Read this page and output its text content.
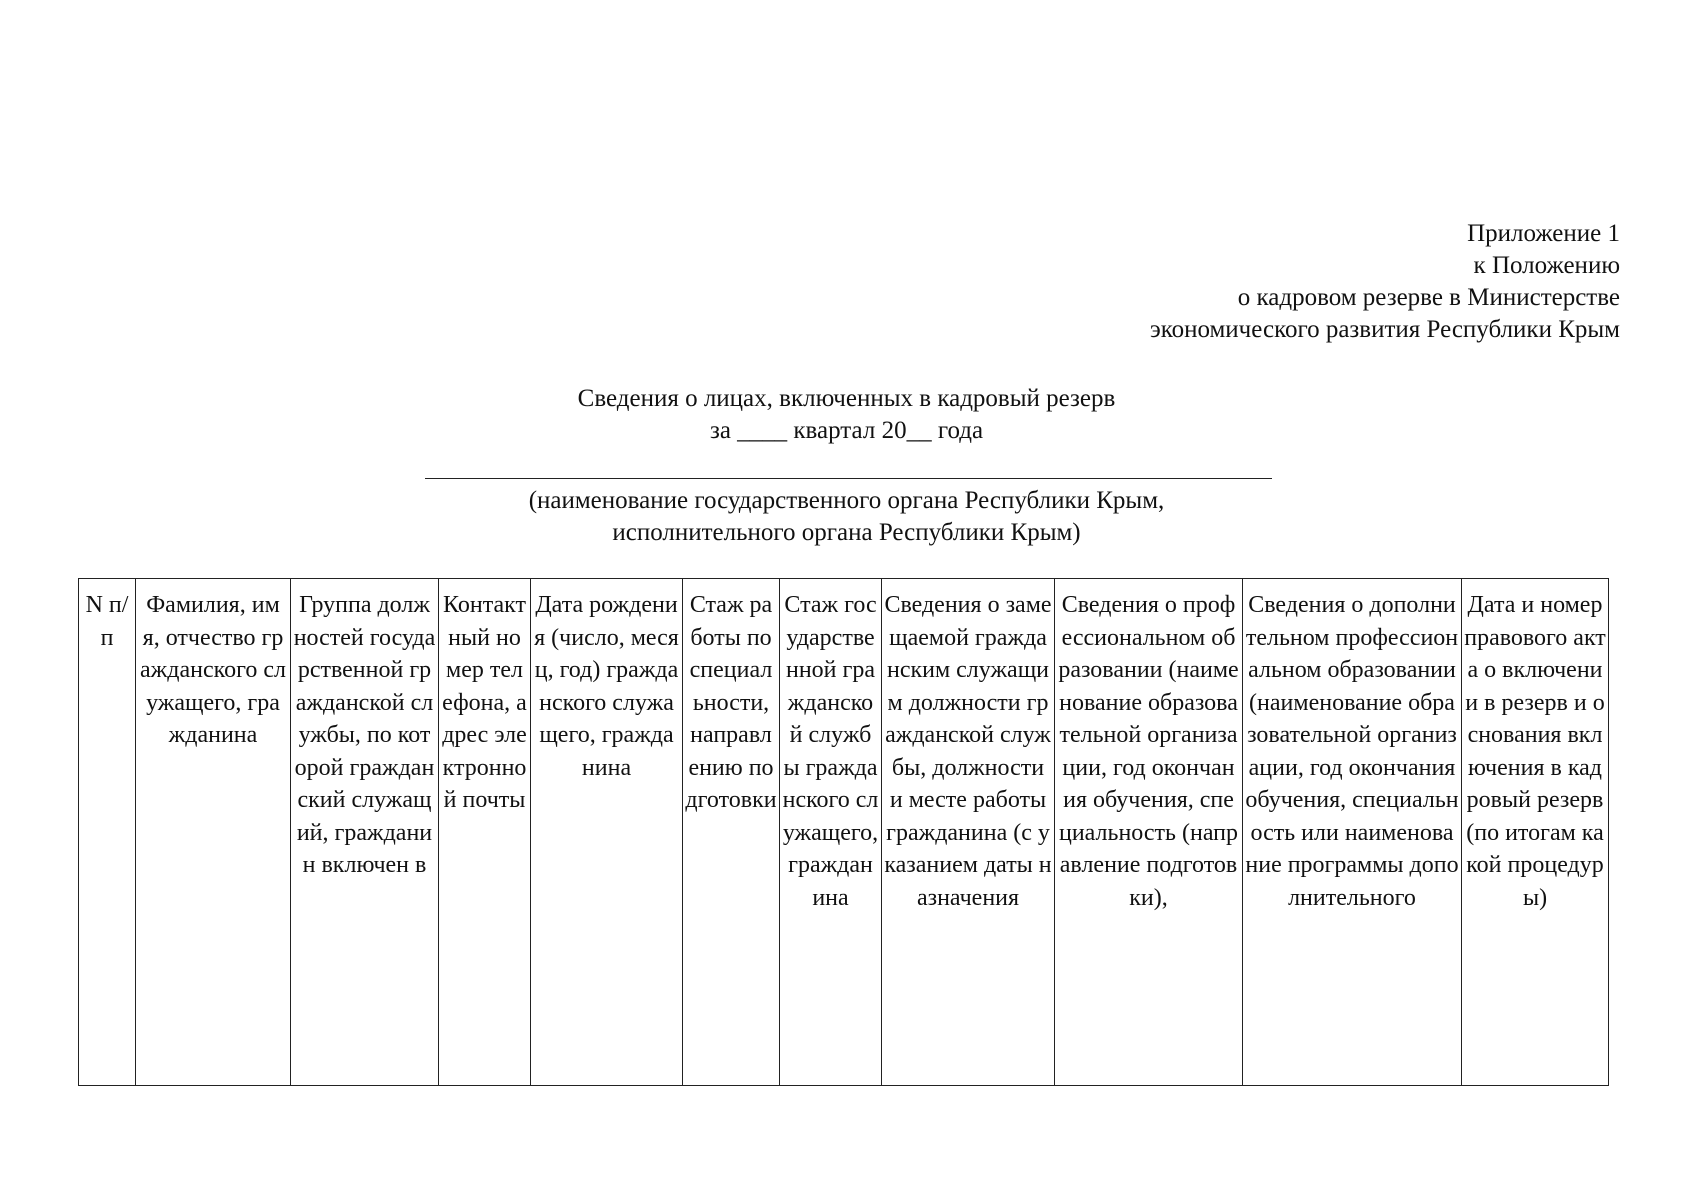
Приложение 1
к Положению
о кадровом резерве в Министерстве
экономического развития Республики Крым
Сведения о лицах, включенных в кадровый резерв
за ____ квартал 20__ года
(наименование государственного органа Республики Крым,
исполнительного органа Республики Крым)
N п/п	Фамилия, имя, отчество гражданского служащего, гражданина	Группа должностей государственной гражданской службы, по которой гражданский служащий, гражданин включен в	Контактный номер телефона, адрес электронной почты	Дата рождения (число, месяц, год) гражданского служащего, гражданина	Стаж работы по специальности, направлению подготовки	Стаж государственной гражданской службы гражданского служащего, гражданина	Сведения о замещаемой гражданским служащим должности гражданской службы, должности и месте работы гражданина (с указанием даты назначения	Сведения о профессиональном образовании (наименование образовательной организации, год окончания обучения, специальность (направление подготовки),	Сведения о дополнительном профессиональном образовании (наименование образовательной организации, год окончания обучения, специальность или наименование программы дополнительного	Дата и номер правового акта о включении в резерв и основания включения в кадровый резерв (по итогам какой процедуры)
